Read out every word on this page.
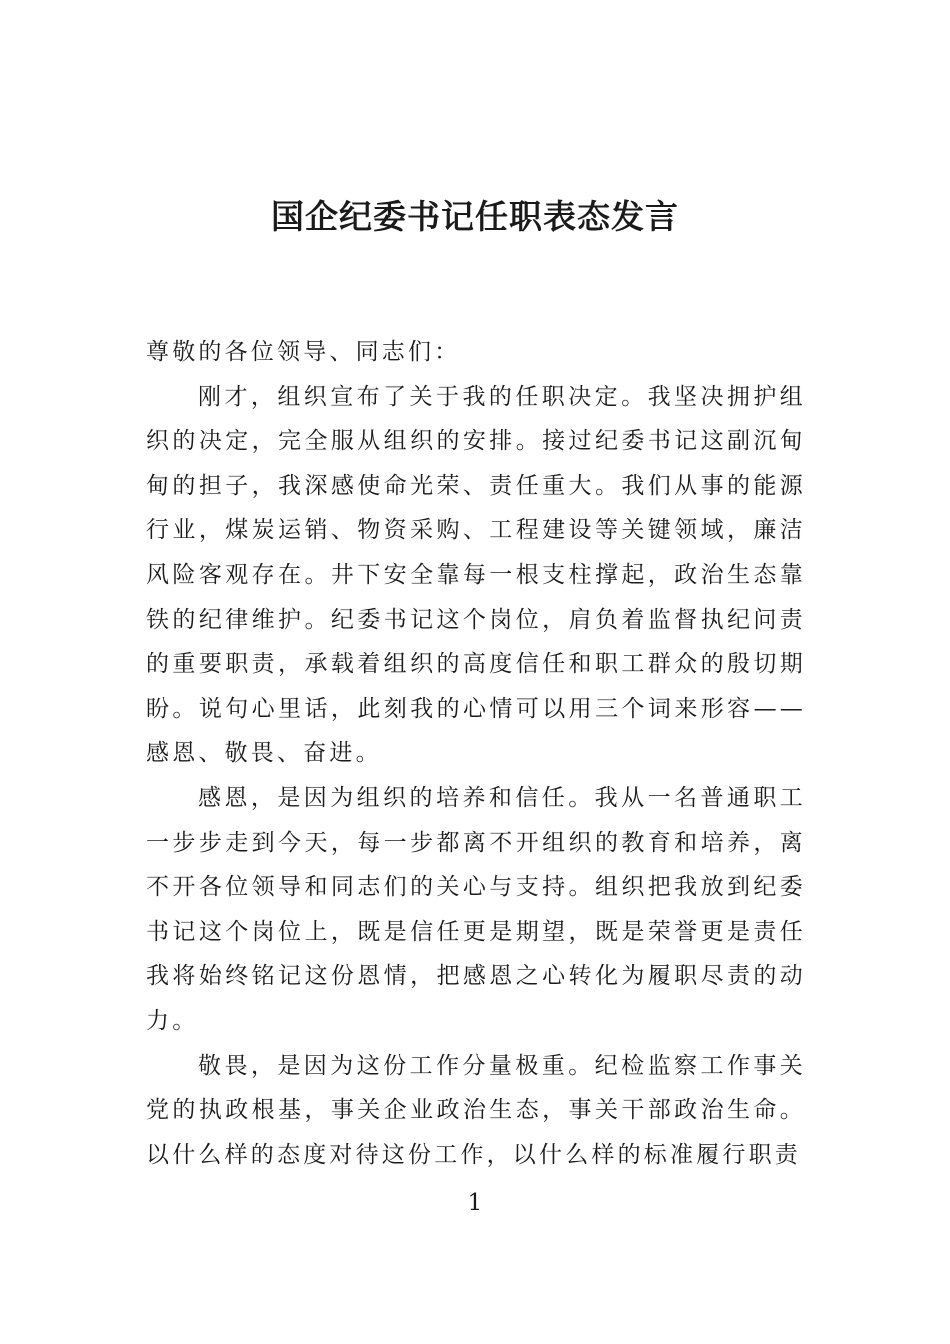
国企纪委书记任职表态发言

尊敬的各位领导、同志们：

刚才，组织宣布了关于我的任职决定。我坚决拥护组织的决定，完全服从组织的安排。接过纪委书记这副沉甸甸的担子，我深感使命光荣、责任重大。我们从事的能源行业，煤炭运销、物资采购、工程建设等关键领域，廉洁风险客观存在。井下安全靠每一根支柱撑起，政治生态靠铁的纪律维护。纪委书记这个岗位，肩负着监督执纪问责的重要职责，承载着组织的高度信任和职工群众的殷切期盼。说句心里话，此刻我的心情可以用三个词来形容——感恩、敬畏、奋进。

感恩，是因为组织的培养和信任。我从一名普通职工一步步走到今天，每一步都离不开组织的教育和培养，离不开各位领导和同志们的关心与支持。组织把我放到纪委书记这个岗位上，既是信任更是期望，既是荣誉更是责任我将始终铭记这份恩情，把感恩之心转化为履职尽责的动力。

敬畏，是因为这份工作分量极重。纪检监察工作事关党的执政根基，事关企业政治生态，事关干部政治生命。以什么样的态度对待这份工作，以什么样的标准履行职责

1
